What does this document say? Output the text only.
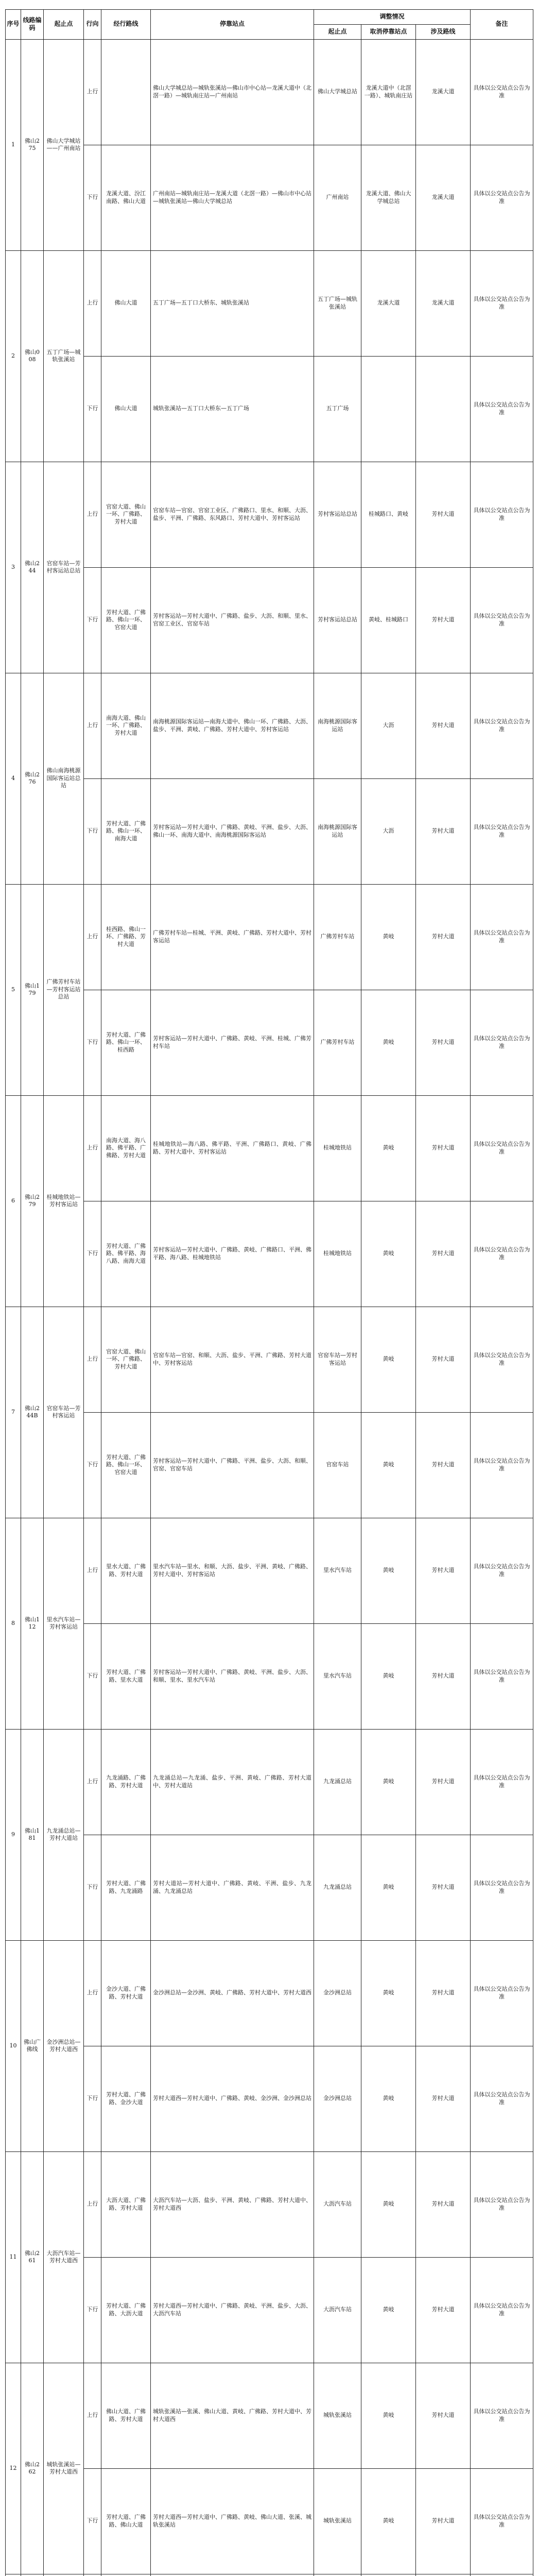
序号	线路编码	起止点	行向	经行路线	停靠站点	调整情况			备注
						起止点	取消停靠站点	涉及路线	
1	佛山275	佛山大学城站——广州南站	上行		佛山大学城总站—城轨张溪站—佛山市中心站—龙溪大道中（北滘一路）—城轨南庄站—广州南站	佛山大学城总站	龙溪大道中（北滘一路）、城轨南庄站	龙溪大道	具体以公交站点公告为准
			下行	龙溪大道、汾江南路、佛山大道	广州南站—城轨南庄站—龙溪大道（北滘一路）—佛山市中心站—城轨张溪站—佛山大学城总站	广州南站	龙溪大道、佛山大学城总站	龙溪大道	具体以公交站点公告为准
2	佛山008	五丁广场—城轨张溪站	上行	佛山大道	五丁广场—五丁口大桥东、城轨张溪站	五丁广场—城轨张溪站	龙溪大道	龙溪大道	具体以公交站点公告为准
			下行	佛山大道	城轨张溪站—五丁口大桥东—五丁广场	五丁广场			具体以公交站点公告为准
3	佛山244	官窑车站—芳村客运站总站	上行	官窑大道、佛山一环、广佛路、芳村大道	官窑车站—官窑、官窑工业区、广佛路口、里水、和顺、大沥、盐步、平洲、广佛路、东风路口、芳村大道中、芳村客运站	芳村客运站总站	桂城路口、黄岐	芳村大道	具体以公交站点公告为准
			下行	芳村大道、广佛路、佛山一环、官窑大道	芳村客运站—芳村大道中、广佛路、盐步、大沥、和顺、里水、官窑工业区、官窑车站	芳村客运站总站	黄岐、桂城路口	芳村大道	具体以公交站点公告为准
4	佛山276	佛山南海桃源国际客运站总站	上行	南海大道、佛山一环、广佛路、芳村大道	南海桃源国际客运站—南海大道中、佛山一环、广佛路、大沥、盐步、平洲、黄岐、广佛路、芳村大道中、芳村客运站	南海桃源国际客运站	大沥	芳村大道	具体以公交站点公告为准
			下行	芳村大道、广佛路、佛山一环、南海大道	芳村客运站—芳村大道中、广佛路、黄岐、平洲、盐步、大沥、佛山一环、南海大道中、南海桃源国际客运站	南海桃源国际客运站	大沥	芳村大道	具体以公交站点公告为准
5	佛山179	广佛芳村车站—芳村客运站总站	上行	桂西路、佛山一环、广佛路、芳村大道	广佛芳村车站—桂城、平洲、黄岐、广佛路、芳村大道中、芳村客运站	广佛芳村车站	黄岐	芳村大道	具体以公交站点公告为准
			下行	芳村大道、广佛路、佛山一环、桂西路	芳村客运站—芳村大道中、广佛路、黄岐、平洲、桂城、广佛芳村车站	广佛芳村车站	黄岐	芳村大道	具体以公交站点公告为准
6	佛山279	桂城地铁站—芳村客运站	上行	南海大道、海八路、佛平路、广佛路、芳村大道	桂城地铁站—海八路、佛平路、平洲、广佛路口、黄岐、广佛路、芳村大道中、芳村客运站	桂城地铁站	黄岐	芳村大道	具体以公交站点公告为准
			下行	芳村大道、广佛路、佛平路、海八路、南海大道	芳村客运站—芳村大道中、广佛路、黄岐、广佛路口、平洲、佛平路、海八路、桂城地铁站	桂城地铁站	黄岐	芳村大道	具体以公交站点公告为准
7	佛山244B	官窑车站—芳村客运站	上行	官窑大道、佛山一环、广佛路、芳村大道	官窑车站—官窑、和顺、大沥、盐步、平洲、广佛路、芳村大道中、芳村客运站	官窑车站—芳村客运站	黄岐	芳村大道	具体以公交站点公告为准
			下行	芳村大道、广佛路、佛山一环、官窑大道	芳村客运站—芳村大道中、广佛路、平洲、盐步、大沥、和顺、官窑、官窑车站	官窑车站	黄岐	芳村大道	具体以公交站点公告为准
8	佛山112	里水汽车站—芳村客运站	上行	里水大道、广佛路、芳村大道	里水汽车站—里水、和顺、大沥、盐步、平洲、黄岐、广佛路、芳村大道中、芳村客运站	里水汽车站	黄岐	芳村大道	具体以公交站点公告为准
			下行	芳村大道、广佛路、里水大道	芳村客运站—芳村大道中、广佛路、黄岐、平洲、盐步、大沥、和顺、里水、里水汽车站	里水汽车站	黄岐	芳村大道	具体以公交站点公告为准
9	佛山181	九龙涌总站—芳村大道站	上行	九龙涌路、广佛路、芳村大道	九龙涌总站—九龙涌、盐步、平洲、黄岐、广佛路、芳村大道中、芳村大道站	九龙涌总站	黄岐	芳村大道	具体以公交站点公告为准
			下行	芳村大道、广佛路、九龙涌路	芳村大道站—芳村大道中、广佛路、黄岐、平洲、盐步、九龙涌、九龙涌总站	九龙涌总站	黄岐	芳村大道	具体以公交站点公告为准
10	佛山广佛线	金沙洲总站—芳村大道西	上行	金沙大道、广佛路、芳村大道	金沙洲总站—金沙洲、黄岐、广佛路、芳村大道中、芳村大道西	金沙洲总站	黄岐	芳村大道	具体以公交站点公告为准
			下行	芳村大道、广佛路、金沙大道	芳村大道西—芳村大道中、广佛路、黄岐、金沙洲、金沙洲总站	金沙洲总站	黄岐	芳村大道	具体以公交站点公告为准
11	佛山261	大沥汽车站—芳村大道西	上行	大沥大道、广佛路、芳村大道	大沥汽车站—大沥、盐步、平洲、黄岐、广佛路、芳村大道中、芳村大道西	大沥汽车站	黄岐	芳村大道	具体以公交站点公告为准
			下行	芳村大道、广佛路、大沥大道	芳村大道西—芳村大道中、广佛路、黄岐、平洲、盐步、大沥、大沥汽车站	大沥汽车站	黄岐	芳村大道	具体以公交站点公告为准
12	佛山262	城轨张溪站—芳村大道西	上行	佛山大道、广佛路、芳村大道	城轨张溪站—张溪、佛山大道、黄岐、广佛路、芳村大道中、芳村大道西	城轨张溪站	黄岐	芳村大道	具体以公交站点公告为准
			下行	芳村大道、广佛路、佛山大道	芳村大道西—芳村大道中、广佛路、黄岐、佛山大道、张溪、城轨张溪站	城轨张溪站	黄岐	芳村大道	具体以公交站点公告为准
